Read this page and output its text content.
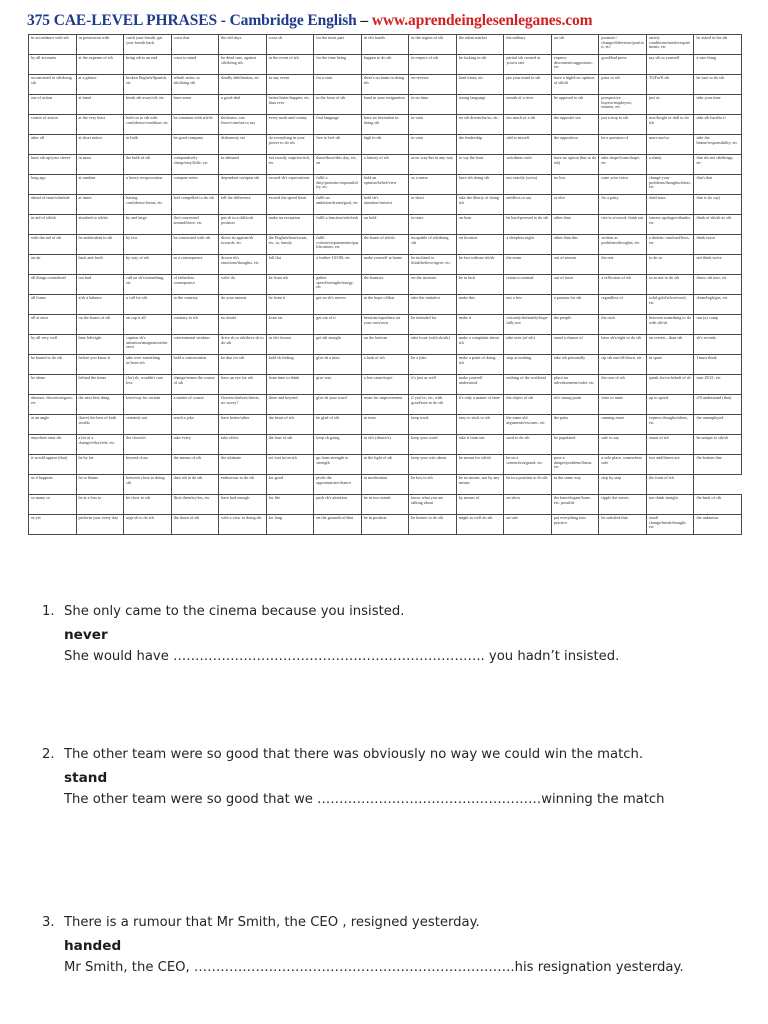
375 CAE-LEVEL PHRASES - Cambridge English – www.aprendeinglesenleganes.com
in accordance with sth	in possession with	catch your breath, get your breath back	cross that	the old days	cross sb	for the most part	in sb's hands	in the region of sth	the talent market	the military	on sth	promote / change/difference/position, etc	satisfy conditions/needs/requirements, etc	be asked to/for sth
by all accounts	at the expense of sth	bring sth to an end	cross to mind	be dead sure, against sth/doing sth	in the event of sth	for the time being	happen to do sth	in respect of sth	be lacking in sth	partial sth created at your/a rate	express discontent/suggestions, etc	good/bad press	say sth to yourself	a sure thing
accustomed to sth/doing sth	at a glance	broken English/Spanish, etc	rebuilt noise, to sth/doing sth	deadly debilitation, etc	in any event	for a start	there's no harm in doing sth	on reverse	hard times, etc	put your mind to sth	have a high/low opinion of sth/sb	prior to sth	TGFor'll sth	be sure to do sth
out of action	at hand	break sth away/off, etc	have some	a good deal	better/faster/happier, etc, than ever	in the form of sth	hand in your resignation	in no time	strong language	mouth of a river	be opposed to sth	prospective buyers/employers, tenants, etc	just as	take your time
course of action	at the very least	hold on to sth with confidence/condition, etc	be common with sth/sb	thickness, can leave/comfort to say	every nook and cranny	foul language	have no hesitation in doing sth	in vain	no sth driven/far/so, etc	not much of a sth	the opposite sex	put a stop to sth	new/bright or dull to do sth	take sth hard/to it
after all	at short notice	in bulk	be good company	dishonesty set	do everything in your power to do sth	free to feel sth	high in sth	in vain	the leadership	odd to myself	the opposition	be a question of	more and so	take the blame/responsibility, etc
have sth up/your sleeve	in mass	the bulk of sth	comparatively cheap/easy/little, etc	in demand	not exactly surprise/rich, etc	these/those/this day, etc, on	a history of sth	at no way/bet in any way	to say the least	weirdness with	have no option (but to do sth)	take shape/form/shape, etc	a shady	that sth not sth/things, etc
long ago	at random	a heavy reciprocation	compare notes	dependent on/upon sth	exceed sb's expectations	fulfil a duty/promise/responsibility, etc	hold an opinion/belief/view	as a sense	have sth doing sth	not exactly (so/so)	no less	raise your voice	change your problems/thoughts/ideas, etc	that's that
ahead of time/schedule	at times	having confidence/forms, etc	feel compelled to do sth	tell the difference	exceed the speed limit	fulfil an ambition/dream/goal, etc	hold sb's attention/interest	in short	take the liberty of doing sth	needless to say	or else	fix a party	shed tears	that is (to say)
in aid of sth/sb	attached to sth/sb	by and large	(be) concerned around/there, etc	put sb in a difficult position	make an exception	fulfil a function/role/task	on hold	in tears	on loan	be hard-pressed to do sth	other than	rise to a/crowd, think out	sincere apologies/thanks, etc	think of sth/sb as sth
with the aid of sth	be ambivalent to sth	by law	be concerned with sth	direct sb against/sb towards, etc	the English/heat/sweat, etc, to, family	fulfil criteria/requirements/qualifications, etc	the home of sth/sb	incapable of sth/doing sth	on location	a sleepless night	other than this	written as problems/thoughts, etc	a dietetic caseload/lives, etc	think twice
on air	back and forth	by way of sth	as a consequence	drown sb's emotions/thoughts, etc	fall flat	a further 10/100, etc	make yourself at home	be inclined to think/believe/agree, etc	be lost without sth/sb	the norm	out of season	the rest	to do so	not think twice
all things considered	too bad	call on sb's/something, etc	of fatherless consequence	with/ do	be from sth	gather speed/strength/energy, etc	the bonuses	on the increase	be in luck	return to normal	out of town	a reflection of sth	so as not to do sth	throw sth into, etc
all forms	a/sb a balance	a call for sth	to the contrary	do your utmost	be from it	get on sb's nerves	in the hope of/that	take the initiative	make this	not a few	a passion for sth	regardless of	solid gold/silver/wool, etc	clean/high/gas, etc
all at once	on the bones of sth	on cap it all	contrary to sth	no doubt	from far	get out of it	heroism/superhero on your own/own	be intended for	make it	certainly/definitely/hopefully not	the people	the rush	between something to do with sth/sb	run (a) comp
by all very well	bear left/right	caption sb's attention/imagination/interest	conventional wisdom	drive sb to sth/drive sb to do sth	in sb's favour	get sth straight	on the bottom	take issue (with sb/sth)	make a complaint about sth	take note (of sth)	stand a chance of	have sb's/right to do sth	on screen – than sth	sb's records
be bound to do sth	before you know it	take over something to/from sth	hold a conversation	be due for sth	hold sb feeling	give sb a miss	a look of sth	be a joke	make a point of doing sth	stop at nothing	take sth personally	rip sth out/off/down, etc	in spare	I must think
be alone	behind the times	(for) sb, wouldn't care less	change/return the course of sth	have an eye for sth	from time to think	give way	a lost cause/topic	it's just as well	make yourself understood	nothing of the sort/kind	place an advertisement/order, etc	the root of sth	speak for/on behalf of sb	turn 18/21, etc
absence, discretion/goes, etc	the next best thing	leave/say for certain	a matter of course	flowers/shelves/sheets, no worry?	there and beyond	give sb your word	room for improvement	if you've, etc, with good/sure to do sth	it's only a matter of time	the object of sth	sb's strong point	forte to mine	up to speed	it'll understand (that)
at an angle	(have) the best of both worlds	certainly not	reach a joke	have better/other	the heart of sth	be glad of sth	in tears	keep track	easy to stick to sth	the same old arguments/excuses, etc	the pairs	running more	express thoughts/ideas, etc	the unemployed
anywhere near sth	a hit of a change/effort/rile, etc	the closest's	take every	take effect	the four of sth	keep sb going	in sb's (desire/s)	keep your word	take it from me	used to do sth	be populated	safe to say	smart of sth	be unique to sth/sb
it would appear (that)	be by far	beyond close	the means of sth	the ultimate	set foot in/on sth	go from strength to strength	in the light of sth	keep your wits about	be meant for sth/sb	be on a connection/grand, etc	pose a danger/problem/threat, etc	a sole place, somewhere safe	two and/threes are	the bottom line
as it happens	be to blame	between close to doing sth	dare sth to do sth	endeavour to do sth	for good	profit the opportunities/chance	in moderation	be key to sth	be no means, not by any means	be in a position to do sth	in the same way	step by step	the front of sth	
so many so	be at a loss to	be close to sth	flirts them/try/ies, etc	have bad enough	for life	push sb's attention	be in two minds	know what you are talking about	by means of	on show	the bare/elegant/bone, etc, possible	ripple the waves	nor think straight	the back of sth
as yet	perform your every day	urge sb to do sth	the dawn of sth	with a view to doing sth	for long	on the grounds of/that	be in position	be keener to do sth	might as well do sth	on sale	put everything into practice	be satisfied that	small change/break/drought, etc	the unknown
1. She only came to the cinema because you insisted.
never
She would have …………………………………………………………….. you hadn’t insisted.
2. The other team were so good that there was obviously no way we could win the match.
stand
The other team were so good that we ……………………………………………winning the match
3. There is a rumour that Mr Smith, the CEO , resigned yesterday.
handed
Mr Smith, the CEO, ……………………………………………………………….his resignation yesterday.
